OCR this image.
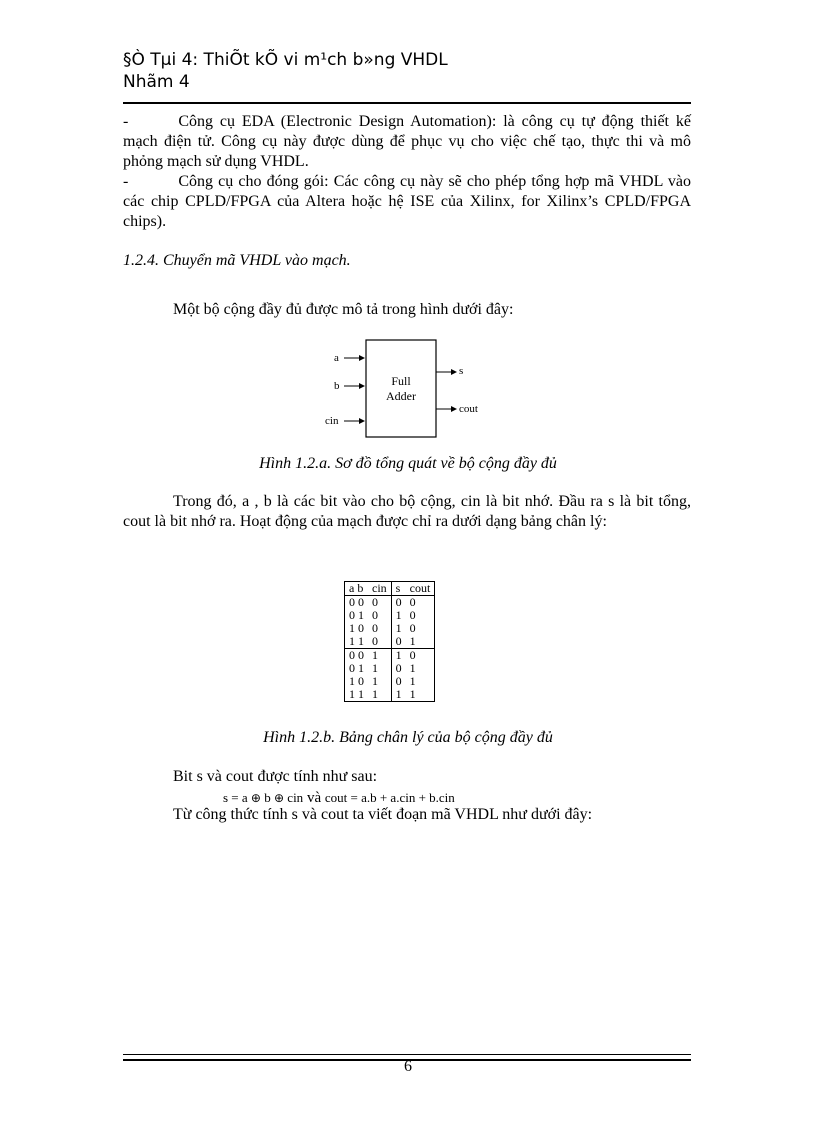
§Ò Tµi 4: ThiÕt kÕ vi m¹ch b»ng VHDL
Nhãm 4
-	Công cụ EDA (Electronic Design Automation): là công cụ tự động thiết kế mạch điện tử. Công cụ này được dùng để phục vụ cho việc chế tạo, thực thi và mô phỏng mạch sử dụng VHDL.
-	Công cụ cho đóng gói: Các công cụ này sẽ cho phép tổng hợp mã VHDL vào các chip CPLD/FPGA của Altera hoặc hệ ISE của Xilinx, for Xilinx’s CPLD/FPGA chips).
1.2.4. Chuyển mã VHDL vào mạch.
Một bộ cộng đầy đủ được mô tả trong hình dưới đây:
Full
Adder
a
b
cin
s
cout
Hình 1.2.a. Sơ đồ tổng quát về bộ cộng đầy đủ
Trong đó, a , b là các bit vào cho bộ cộng, cin là bit nhớ. Đầu ra s là bit tổng, cout là bit nhớ ra. Hoạt động của mạch được chỉ ra dưới dạng bảng chân lý:
a b	cin	s	cout
0 0	0	0	0
0 1	0	1	0
1 0	0	1	0
1 1	0	0	1
0 0	1	1	0
0 1	1	0	1
1 0	1	0	1
1 1	1	1	1
Hình 1.2.b. Bảng chân lý của bộ cộng đầy đủ
Bit s và cout được tính như sau:
s = a ⊕ b ⊕ cin và cout = a.b + a.cin + b.cin
Từ công thức tính s và cout ta viết đoạn mã VHDL như dưới đây:
6
